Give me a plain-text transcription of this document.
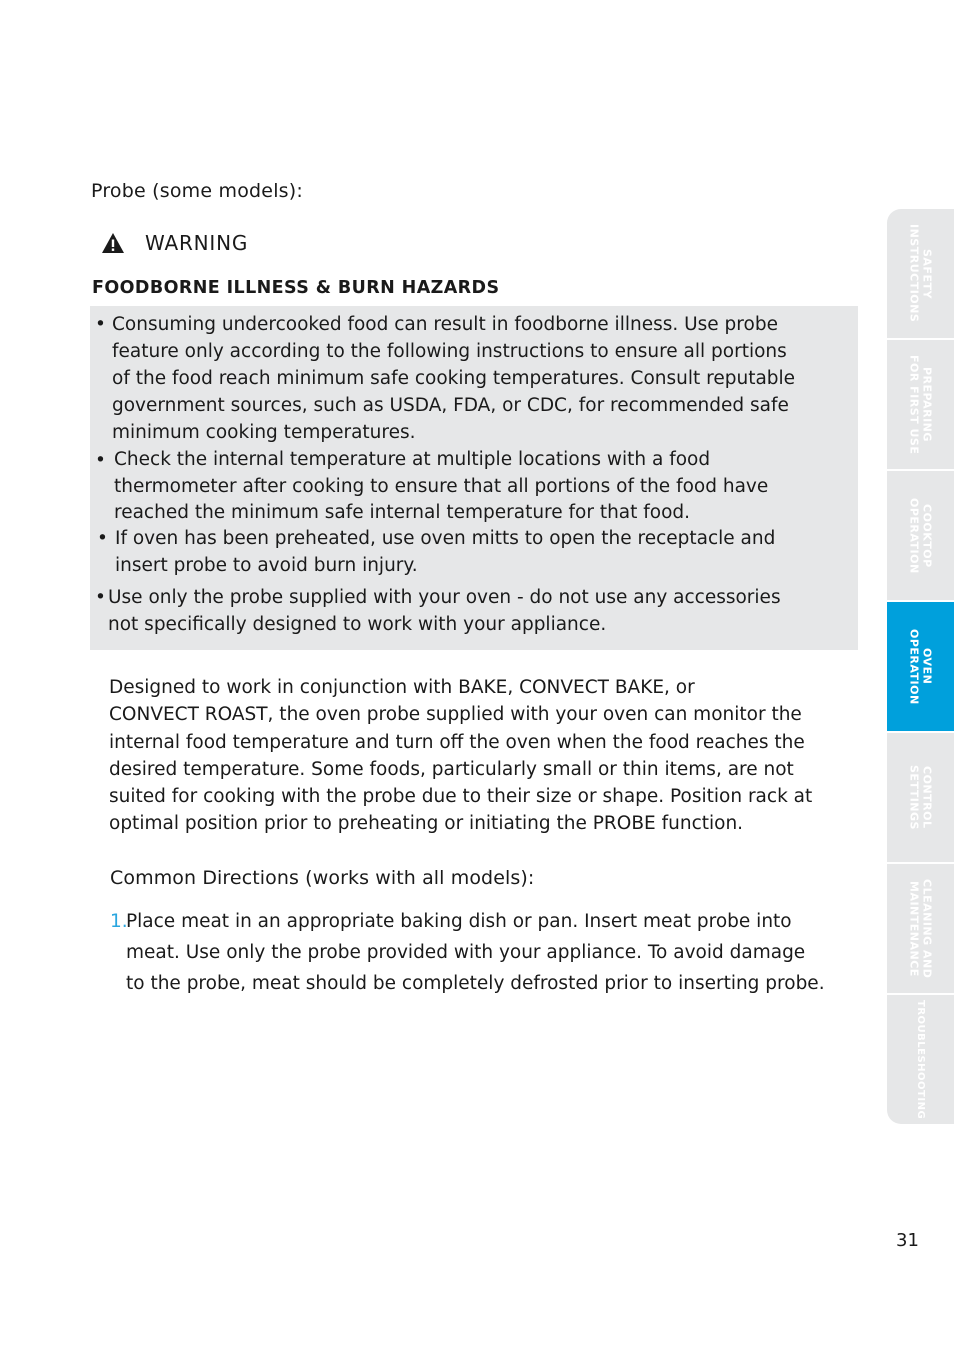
Probe (some models):
WARNING
FOODBORNE ILLNESS & BURN HAZARDS
• Consuming undercooked food can result in foodborne illness. Use probe
feature only according to the following instructions to ensure all portions
of the food reach minimum safe cooking temperatures. Consult reputable
government sources, such as USDA, FDA, or CDC, for recommended safe
minimum cooking temperatures.
• Check the internal temperature at multiple locations with a food
thermometer after cooking to ensure that all portions of the food have
reached the minimum safe internal temperature for that food.
• If oven has been preheated, use oven mitts to open the receptacle and
insert probe to avoid burn injury.
• Use only the probe supplied with your oven - do not use any accessories
not specifically designed to work with your appliance.
Designed to work in conjunction with BAKE, CONVECT BAKE, or
CONVECT ROAST, the oven probe supplied with your oven can monitor the
internal food temperature and turn off the oven when the food reaches the
desired temperature. Some foods, particularly small or thin items, are not
suited for cooking with the probe due to their size or shape. Position rack at
optimal position prior to preheating or initiating the PROBE function.
Common Directions (works with all models):
1.
Place meat in an appropriate baking dish or pan. Insert meat probe into
meat. Use only the probe provided with your appliance. To avoid damage
to the probe, meat should be completely defrosted prior to inserting probe.
SAFETY
INSTRUCTIONS
PREPARING
FOR FIRST USE
COOKTOP
OPERATION
OVEN
OPERATION
CONTROL
SETTINGS
CLEANING AND
MAINTENANCE
TROUBLESHOOTING
31
